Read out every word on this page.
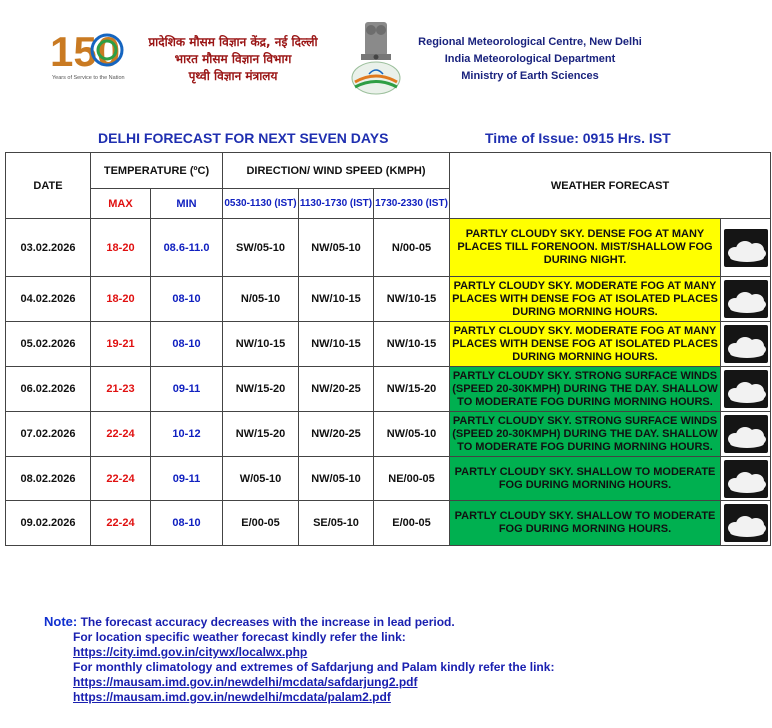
150
Years of Service to the Nation
प्रादेशिक मौसम विज्ञान केंद्र, नई दिल्ली
भारत मौसम विज्ञान विभाग
पृथ्वी विज्ञान मंत्रालय
Regional Meteorological Centre, New Delhi
India Meteorological Department
Ministry of Earth Sciences
DELHI FORECAST FOR NEXT SEVEN DAYS	Time of Issue: 0915 Hrs. IST
DATE	TEMPERATURE (ºC)		DIRECTION/ WIND SPEED (KMPH)			WEATHER FORECAST	
	MAX	MIN	0530-1130 (IST)	1130-1730 (IST)	1730-2330 (IST)		
03.02.2026	18-20	08.6-11.0	SW/05-10	NW/05-10	N/00-05	PARTLY CLOUDY SKY. DENSE FOG AT MANY PLACES TILL FORENOON. MIST/SHALLOW FOG DURING NIGHT.	

04.02.2026	18-20	08-10	N/05-10	NW/10-15	NW/10-15	PARTLY CLOUDY SKY. MODERATE FOG AT MANY PLACES WITH DENSE FOG AT ISOLATED PLACES DURING MORNING HOURS.	

05.02.2026	19-21	08-10	NW/10-15	NW/10-15	NW/10-15	PARTLY CLOUDY SKY. MODERATE FOG AT MANY PLACES WITH DENSE FOG AT ISOLATED PLACES DURING MORNING HOURS.	

06.02.2026	21-23	09-11	NW/15-20	NW/20-25	NW/15-20	PARTLY CLOUDY SKY. STRONG SURFACE WINDS (SPEED 20-30KMPH) DURING THE DAY. SHALLOW TO MODERATE FOG DURING MORNING HOURS.	

07.02.2026	22-24	10-12	NW/15-20	NW/20-25	NW/05-10	PARTLY CLOUDY SKY. STRONG SURFACE WINDS (SPEED 20-30KMPH) DURING THE DAY. SHALLOW TO MODERATE FOG DURING MORNING HOURS.	

08.02.2026	22-24	09-11	W/05-10	NW/05-10	NE/00-05	PARTLY CLOUDY SKY. SHALLOW TO MODERATE FOG DURING MORNING HOURS.	

09.02.2026	22-24	08-10	E/00-05	SE/05-10	E/00-05	PARTLY CLOUDY SKY. SHALLOW TO MODERATE FOG DURING MORNING HOURS.	
Note: The forecast accuracy decreases with the increase in lead period.
For location specific weather forecast kindly refer the link:
https://city.imd.gov.in/citywx/localwx.php
For monthly climatology and extremes of Safdarjung and Palam kindly refer the link:
https://mausam.imd.gov.in/newdelhi/mcdata/safdarjung2.pdf
https://mausam.imd.gov.in/newdelhi/mcdata/palam2.pdf
